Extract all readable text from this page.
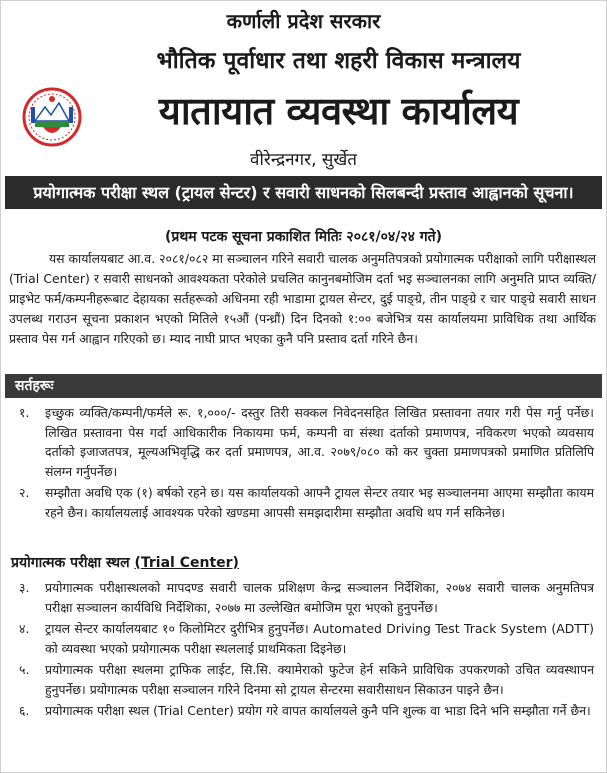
कर्णाली प्रदेश सरकार
भौतिक पूर्वाधार तथा शहरी विकास मन्त्रालय
यातायात व्यवस्था कार्यालय
वीरेन्द्रनगर, सुर्खेत
प्रयोगात्मक परीक्षा स्थल (ट्रायल सेन्टर) र सवारी साधनको सिलबन्दी प्रस्ताव आह्वानको सूचना।
(प्रथम पटक सूचना प्रकाशित मितिः २०८१/०४/२४ गते)

यस कार्यालयबाट आ.व. २०८१/०८२ मा सञ्चालन गरिने सवारी चालक अनुमतिपत्रको प्रयोगात्मक परीक्षाको लागि परीक्षास्थल (Trial Center) र सवारी साधनको आवश्यकता परेकोले प्रचलित कानुनबमोजिम दर्ता भइ सञ्चालनका लागि अनुमति प्राप्त व्यक्ति/प्राइभेट फर्म/कम्पनीहरूबाट देहायका सर्तहरूको अधिनमा रही भाडामा ट्रायल सेन्टर, दुई पाङ्ग्रे, तीन पाङ्ग्रे र चार पाङ्ग्रे सवारी साधन उपलब्ध गराउन सूचना प्रकाशन भएको मितिले १५औं (पन्ध्रौं) दिन दिनको १:०० बजेभित्र यस कार्यालयमा प्राविधिक तथा आर्थिक प्रस्ताव पेस गर्न आह्वान गरिएको छ। म्याद नाघी प्राप्त भएका कुनै पनि प्रस्ताव दर्ता गरिने छैन।

सर्तहरूः
१. इच्छुक व्यक्ति/कम्पनी/फर्मले रू. १,०००/- दस्तुर तिरी सक्कल निवेदनसहित लिखित प्रस्तावना तयार गरी पेस गर्नु पर्नेछ। लिखित प्रस्तावना पेस गर्दा आधिकारीक निकायमा फर्म, कम्पनी वा संस्था दर्ताको प्रमाणपत्र, नविकरण भएको व्यवसाय दर्ताको इजाजतपत्र, मूल्यअभिवृद्धि कर दर्ता प्रमाणपत्र, आ.व. २०७९/०८० को कर चुक्ता प्रमाणपत्रको प्रमाणित प्रतिलिपि संलग्न गर्नुपर्नेछ।
२. सम्झौता अवधि एक (१) बर्षको रहने छ। यस कार्यालयको आफ्नै ट्रायल सेन्टर तयार भइ सञ्चालनमा आएमा सम्झौता कायम रहने छैन। कार्यालयलाई आवश्यक परेको खण्डमा आपसी समझदारीमा सम्झौता अवधि थप गर्न सकिनेछ।
प्रयोगात्मक परीक्षा स्थल (Trial Center)
३. प्रयोगात्मक परीक्षास्थलको मापदण्ड सवारी चालक प्रशिक्षण केन्द्र सञ्चालन निर्देशिका, २०७४ सवारी चालक अनुमतिपत्र परीक्षा सञ्चालन कार्यविधि निर्देशिका, २०७७ मा उल्लेखित बमोजिम पूरा भएको हुनुपर्नेछ।
४. ट्रायल सेन्टर कार्यालयबाट १० किलोमिटर दुरीभित्र हुनुपर्नेछ। Automated Driving Test Track System (ADTT) को व्यवस्था भएको प्रयोगात्मक परीक्षा स्थललाई प्राथमिकता दिइनेछ।
५. प्रयोगात्मक परीक्षा स्थलमा ट्राफिक लाईट, सि.सि. क्यामेराको फुटेज हेर्न सकिने प्राविधिक उपकरणको उचित व्यवस्थापन हुनुपर्नेछ। प्रयोगात्मक परीक्षा सञ्चालन गरिने दिनमा सो ट्रायल सेन्टरमा सवारीसाधन सिकाउन पाइने छैन।
६. प्रयोगात्मक परीक्षा स्थल (Trial Center) प्रयोग गरे वापत कार्यालयले कुनै पनि शुल्क वा भाडा दिने भनि सम्झौता गर्ने छैन।
